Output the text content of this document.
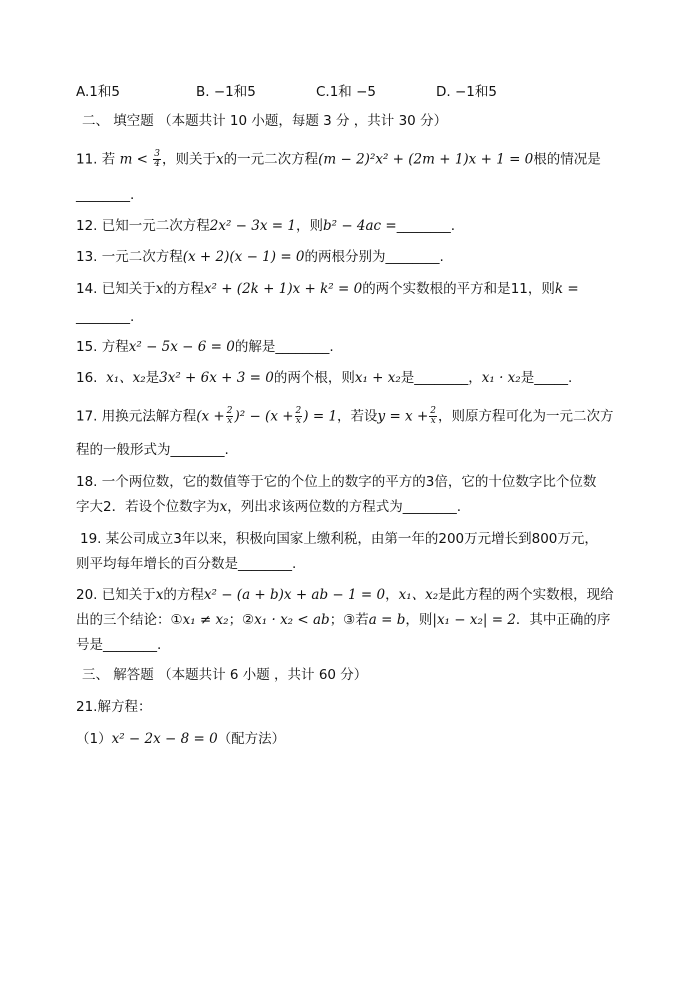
A.1和5	B. −1和5	C.1和 −5	D. −1和5
二、 填空题 （本题共计 10 小题，每题 3 分 ，共计 30 分）
11. 若 $m < \frac{3}{4}$ ，则关于x的一元二次方程(m − 2)²x² + (2m + 1)x + 1 = 0根的情况是
________.
12. 已知一元二次方程2x² − 3x = 1，则b² − 4ac =________.
13. 一元二次方程(x + 2)(x − 1) = 0的两根分别为________.
14. 已知关于x的方程x² + (2k + 1)x + k² = 0的两个实数根的平方和是11，则k =
________.
15. 方程x² − 5x − 6 = 0的解是________.
16. x₁、x₂是3x² + 6x + 3 = 0的两个根，则x₁ + x₂是________，x₁ · x₂是_____.
17. 用换元法解方程$(x + \frac{2}{x} )^2 - (x + \frac{2}{x}$ ) = 1，若设$y = x + \frac{2}{x}$ ，则原方程可化为一元二次方
程的一般形式为________.
18. 一个两位数，它的数值等于它的个位上的数字的平方的3倍，它的十位数字比个位数
字大2．若设个位数字为x，列出求该两位数的方程式为________.
19. 某公司成立3年以来，积极向国家上缴利税，由第一年的200万元增长到800万元，
则平均每年增长的百分数是________.
20. 已知关于x的方程x² − (a + b)x + ab − 1 = 0，x₁、x₂是此方程的两个实数根，现给
出的三个结论：①x₁ ≠ x₂；②x₁ · x₂ < ab；③若a = b，则|x₁ − x₂| = 2．其中正确的序
号是________.
三、 解答题 （本题共计 6 小题 ，共计 60 分）
21.解方程：
（1）x² − 2x − 8 = 0（配方法）
